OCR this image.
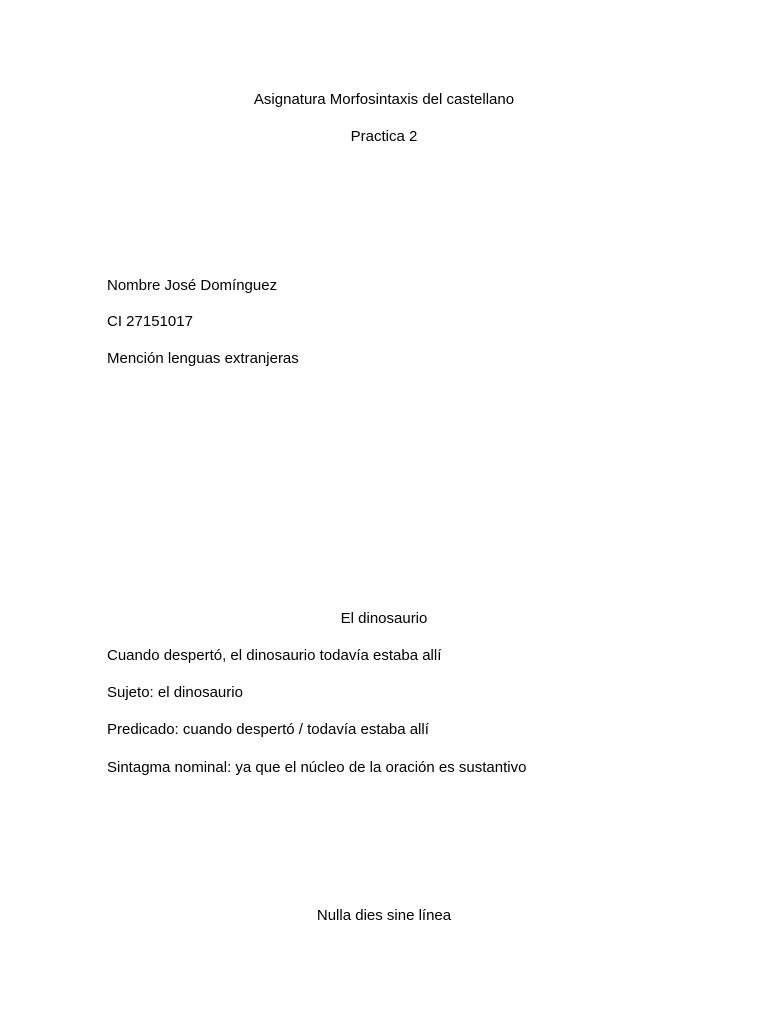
Asignatura Morfosintaxis del castellano
Practica 2
Nombre José Domínguez
CI 27151017
Mención lenguas extranjeras
El dinosaurio
Cuando despertó, el dinosaurio todavía estaba allí
Sujeto: el dinosaurio
Predicado: cuando despertó / todavía estaba allí
Sintagma nominal: ya que el núcleo de la oración es sustantivo
Nulla dies sine línea
